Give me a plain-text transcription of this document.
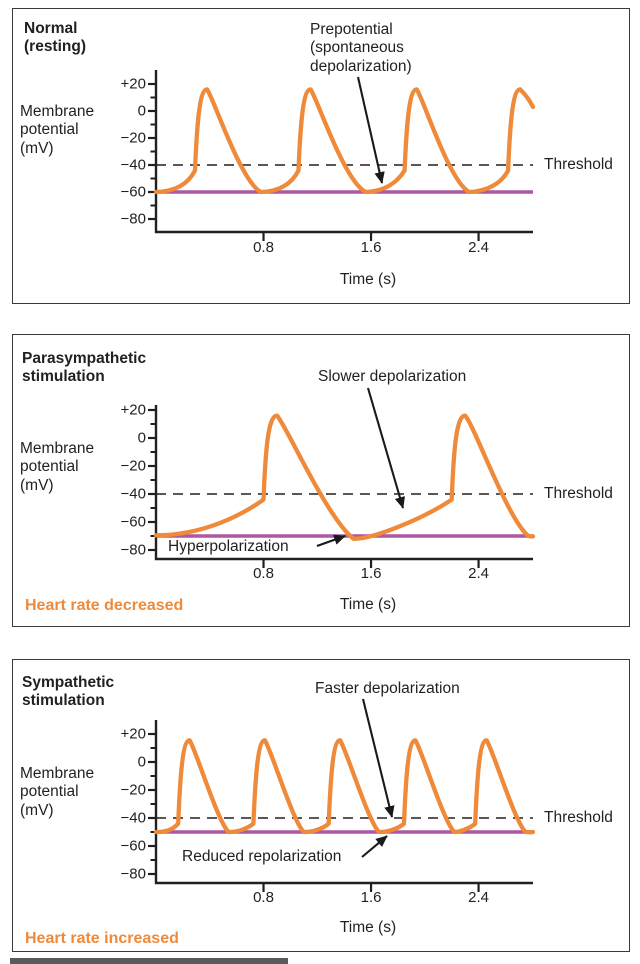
Normal
(resting)
Membrane
potential
(mV)
Threshold
Time (s)
Prepotential
(spontaneous
depolarization)
Parasympathetic
stimulation
Membrane
potential
(mV)	Threshold
Time (s)
Slower depolarization
Hyperpolarization
Heart rate decreased
Sympathetic
stimulation
Membrane
potential
(mV)	Threshold
Time (s)
Faster depolarization
Reduced repolarization
Heart rate increased
+20
0
−20
−40
−60
−80
0.8	1.6	2.4
+20
0
−20
−40
−60
−80
0.8	1.6	2.4
+20
0
−20
−40
−60
−80
0.8	1.6	2.4
